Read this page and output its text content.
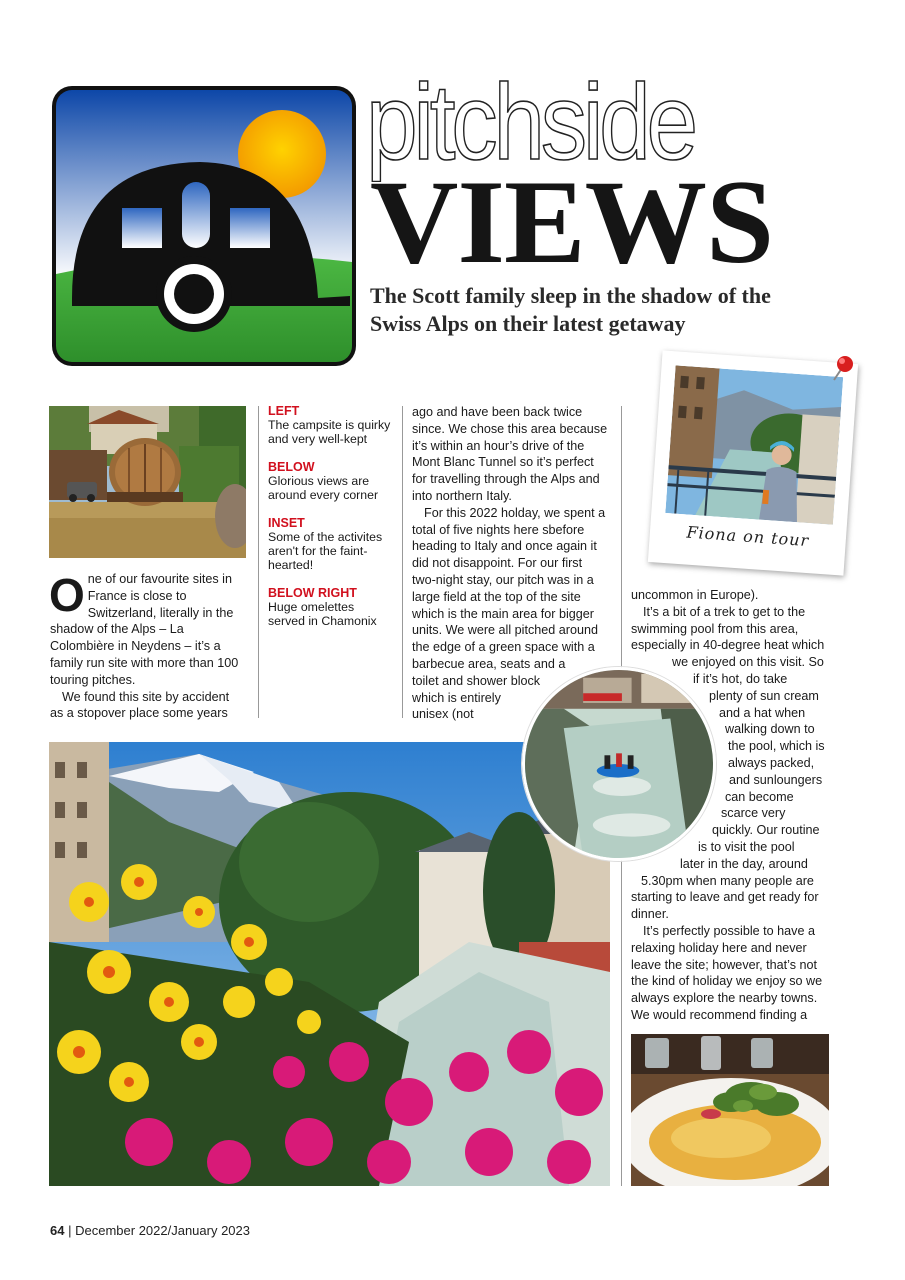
pitchside
VIEWS
The Scott family sleep in the shadow of the Swiss Alps on their latest getaway
LEFT
The campsite is quirky and very well-kept
BELOW
Glorious views are around every corner
INSET
Some of the activites aren't for the faint-hearted!
BELOW RIGHT
Huge omelettes served in Chamonix
O ne of our favourite sites in
France is close to
Switzerland, literally in the
shadow of the Alps – La
Colombière in Neydens – it’s a
family run site with more than 100
touring pitches.
We found this site by accident
as a stopover place some years
ago and have been back twice
since. We chose this area because
it’s within an hour’s drive of the
Mont Blanc Tunnel so it’s perfect
for travelling through the Alps and
into northern Italy.
For this 2022 holday, we spent a
total of five nights here sbefore
heading to Italy and once again it
did not disappoint. For our first
two-night stay, our pitch was in a
large field at the top of the site
which is the main area for bigger
units. We were all pitched around
the edge of a green space with a
barbecue area, seats and a
toilet and shower block
which is entirely
unisex (not
Fiona on tour
uncommon in Europe).
It’s a bit of a trek to get to the
swimming pool from this area,
especially in 40-degree heat which
we enjoyed on this visit. So
if it’s hot, do take
plenty of sun cream
and a hat when
walking down to
the pool, which is
always packed,
and sunloungers
can become
scarce very
quickly. Our routine
is to visit the pool
later in the day, around
5.30pm when many people are
starting to leave and get ready for
dinner.
It’s perfectly possible to have a
relaxing holiday here and never
leave the site; however, that’s not
the kind of holiday we enjoy so we
always explore the nearby towns.
We would recommend finding a
64 | December 2022/January 2023
